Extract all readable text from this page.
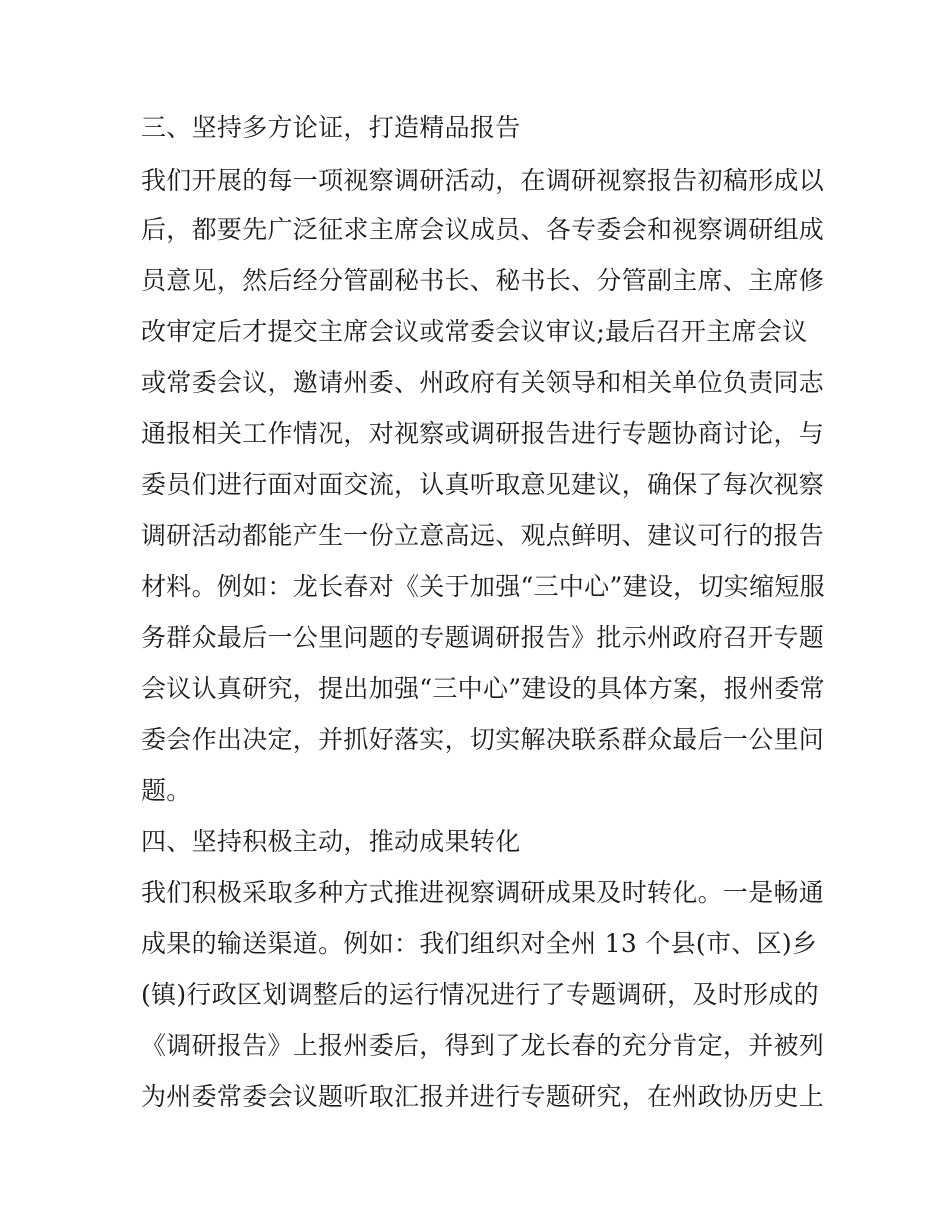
三、坚持多方论证，打造精品报告
我们开展的每一项视察调研活动，在调研视察报告初稿形成以
后，都要先广泛征求主席会议成员、各专委会和视察调研组成
员意见，然后经分管副秘书长、秘书长、分管副主席、主席修
改审定后才提交主席会议或常委会议审议;最后召开主席会议
或常委会议，邀请州委、州政府有关领导和相关单位负责同志
通报相关工作情况，对视察或调研报告进行专题协商讨论，与
委员们进行面对面交流，认真听取意见建议，确保了每次视察
调研活动都能产生一份立意高远、观点鲜明、建议可行的报告
材料。例如：龙长春对《关于加强“三中心”建设，切实缩短服
务群众最后一公里问题的专题调研报告》批示州政府召开专题
会议认真研究，提出加强“三中心”建设的具体方案，报州委常
委会作出决定，并抓好落实，切实解决联系群众最后一公里问
题。
四、坚持积极主动，推动成果转化
我们积极采取多种方式推进视察调研成果及时转化。一是畅通
成果的输送渠道。例如：我们组织对全州 13 个县(市、区)乡
(镇)行政区划调整后的运行情况进行了专题调研，及时形成的
《调研报告》上报州委后，得到了龙长春的充分肯定，并被列
为州委常委会议题听取汇报并进行专题研究，在州政协历史上
